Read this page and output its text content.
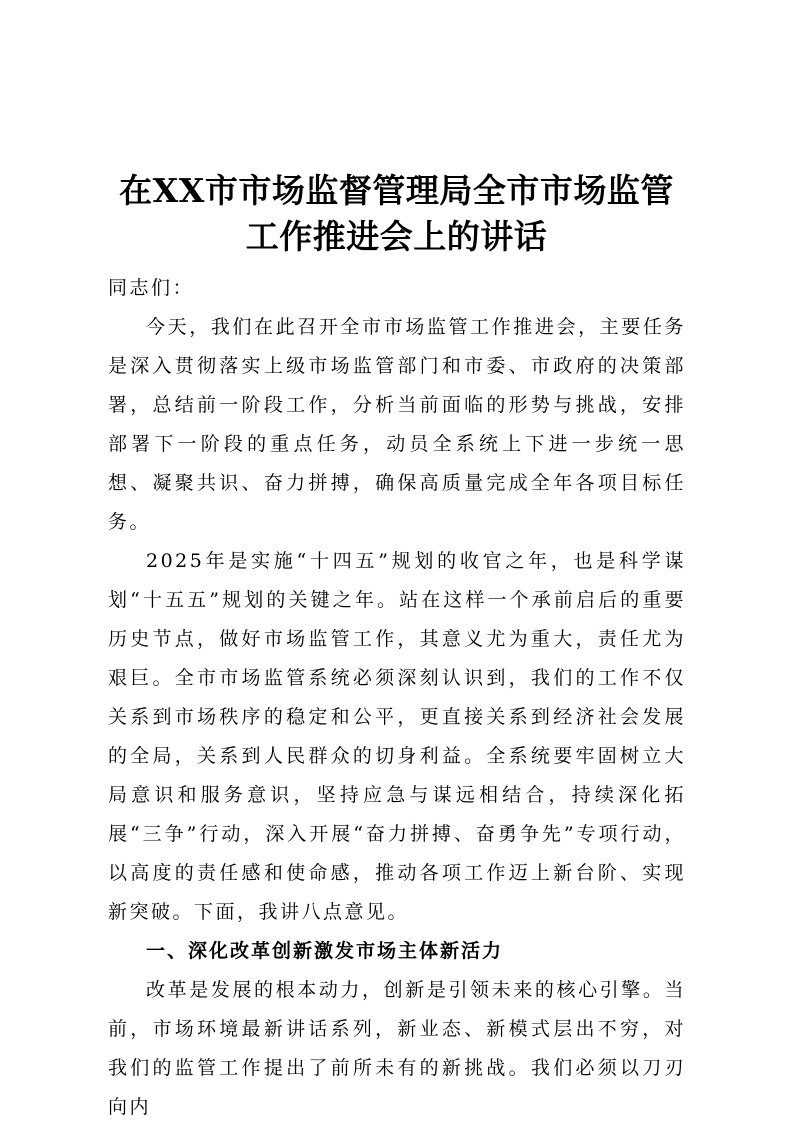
在XX市市场监督管理局全市市场监管
工作推进会上的讲话

同志们：

今天，我们在此召开全市市场监管工作推进会，主要任务是深入贯彻落实上级市场监管部门和市委、市政府的决策部署，总结前一阶段工作，分析当前面临的形势与挑战，安排部署下一阶段的重点任务，动员全系统上下进一步统一思想、凝聚共识、奋力拼搏，确保高质量完成全年各项目标任务。

2025年是实施“十四五”规划的收官之年，也是科学谋划“十五五”规划的关键之年。站在这样一个承前启后的重要历史节点，做好市场监管工作，其意义尤为重大，责任尤为艰巨。全市市场监管系统必须深刻认识到，我们的工作不仅关系到市场秩序的稳定和公平，更直接关系到经济社会发展的全局，关系到人民群众的切身利益。全系统要牢固树立大局意识和服务意识，坚持应急与谋远相结合，持续深化拓展“三争”行动，深入开展“奋力拼搏、奋勇争先”专项行动，以高度的责任感和使命感，推动各项工作迈上新台阶、实现新突破。下面，我讲八点意见。

一、深化改革创新激发市场主体新活力

改革是发展的根本动力，创新是引领未来的核心引擎。当前，市场环境最新讲话系列，新业态、新模式层出不穷，对我们的监管工作提出了前所未有的新挑战。我们必须以刀刃向内
